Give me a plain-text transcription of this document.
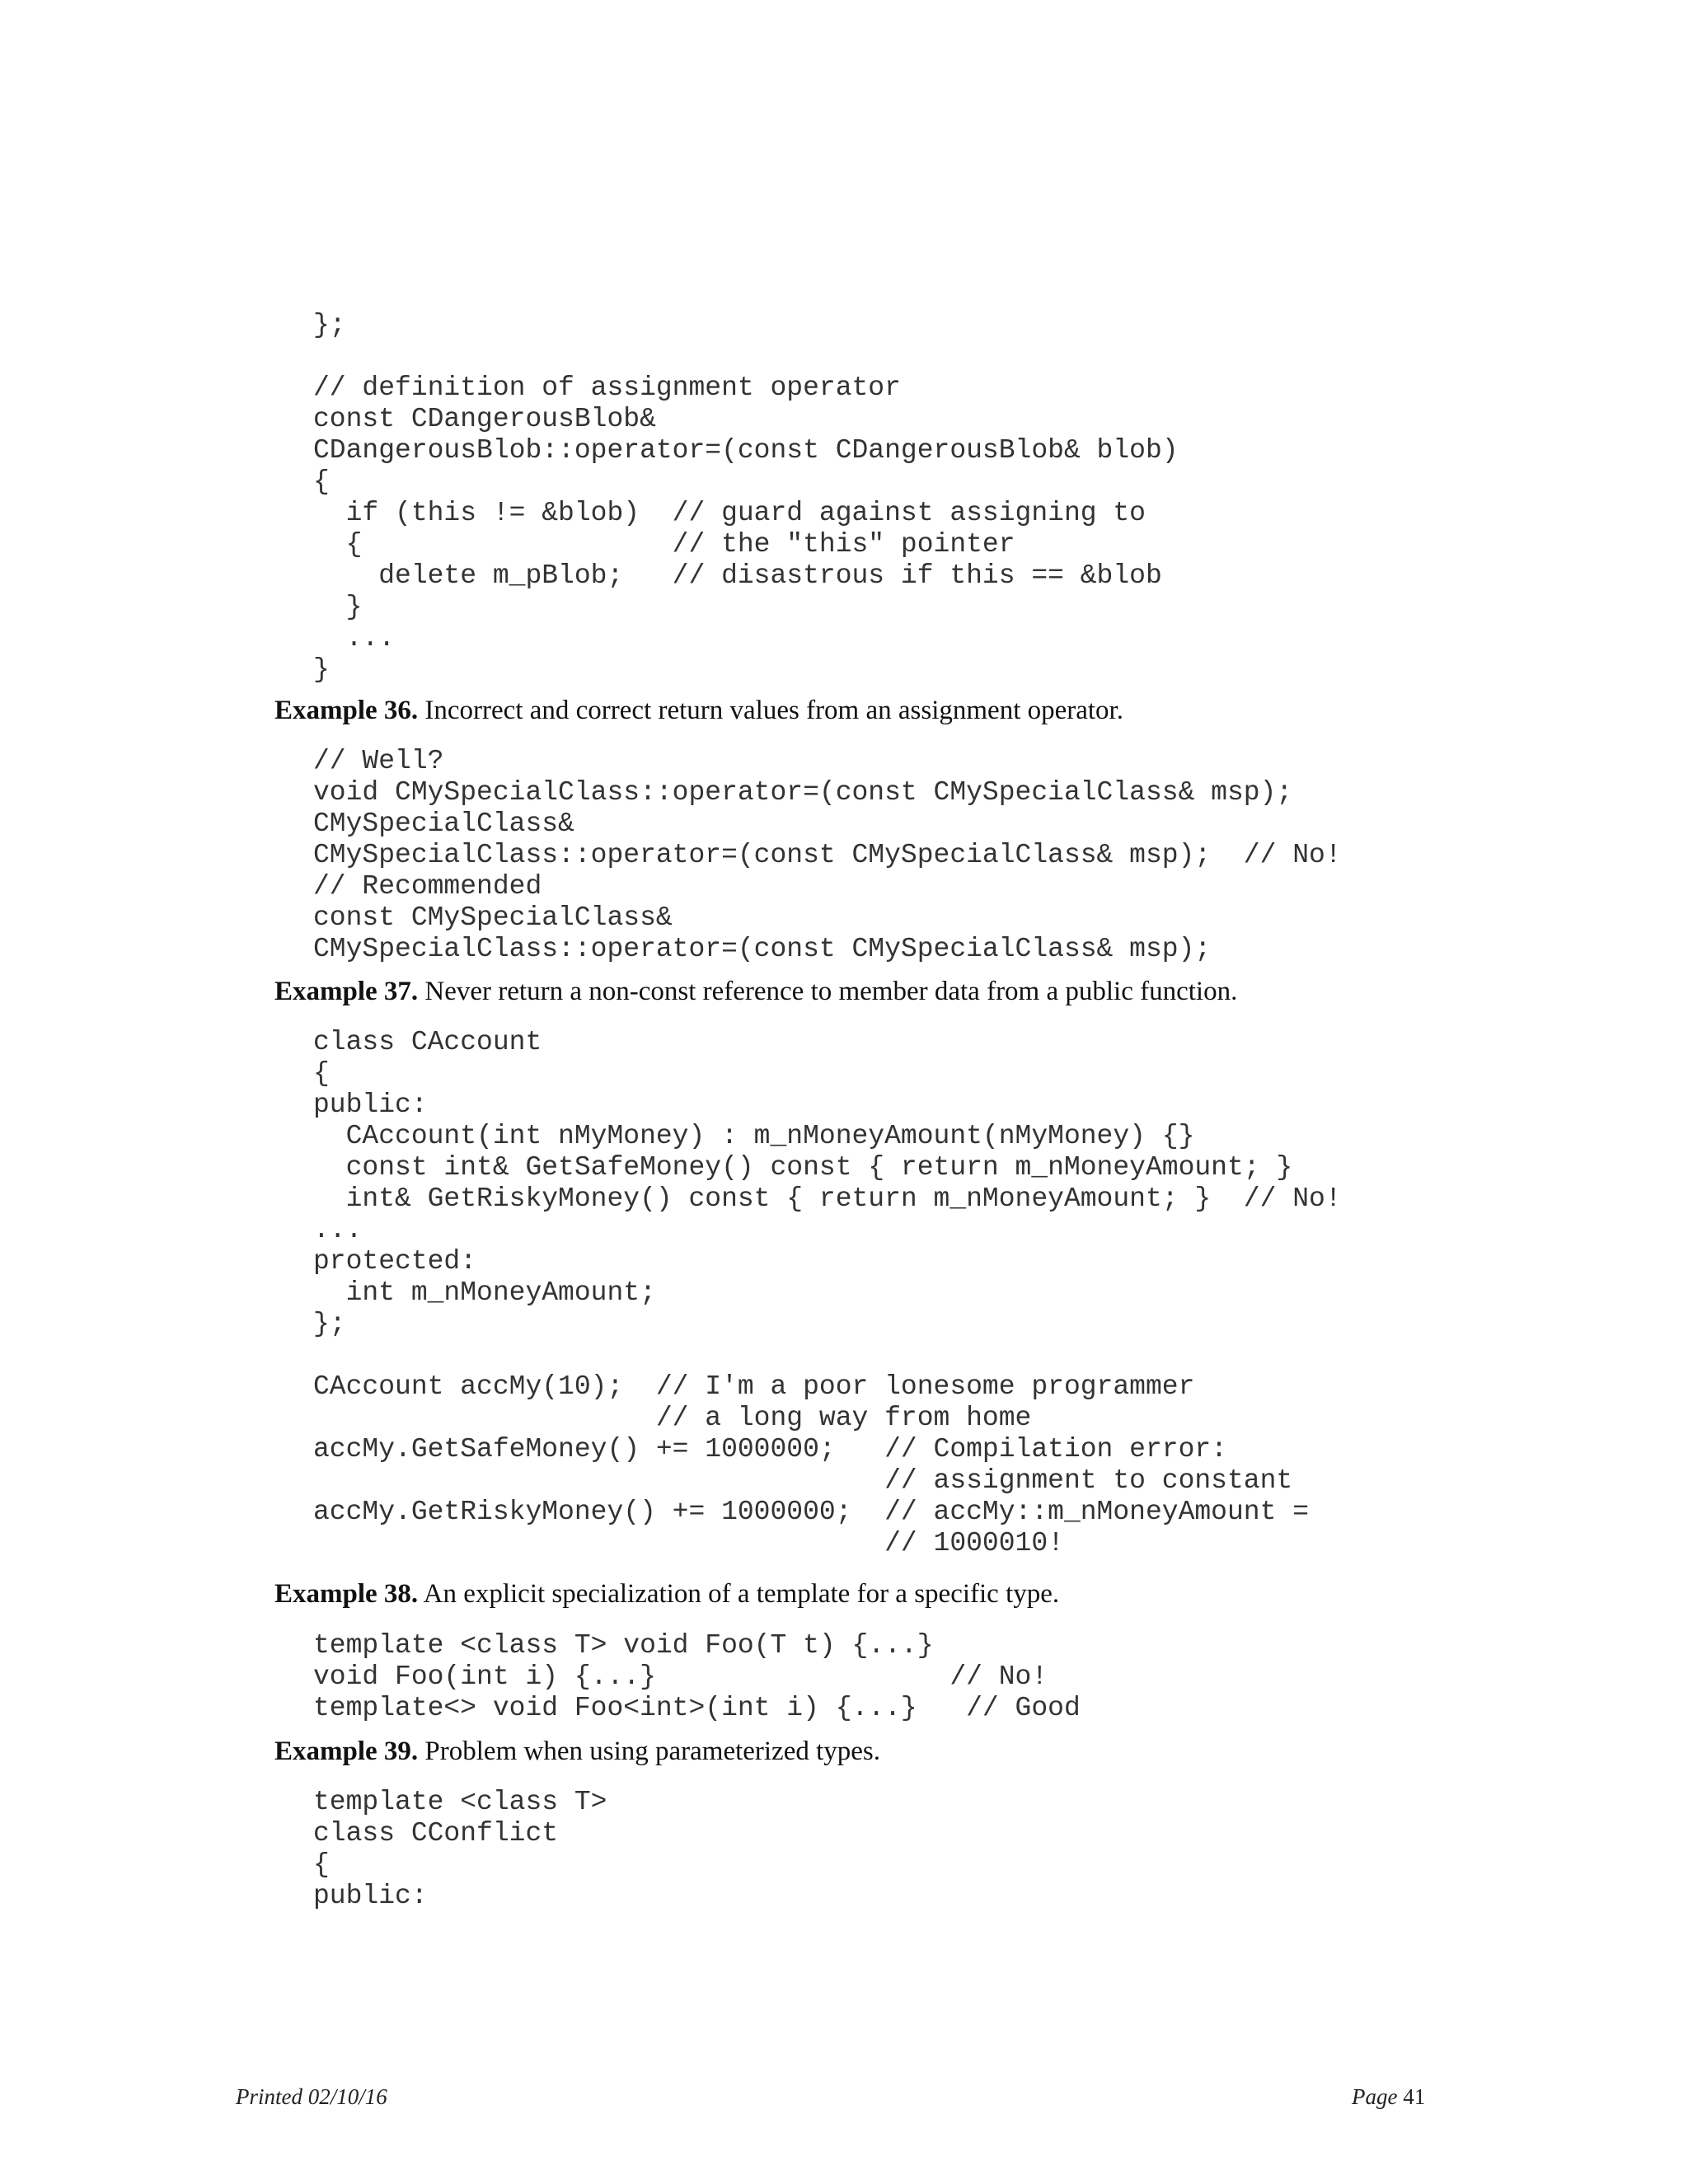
};

// definition of assignment operator
const CDangerousBlob&
CDangerousBlob::operator=(const CDangerousBlob& blob)
{
if (this != &blob)  // guard against assigning to
{                   // the "this" pointer
delete m_pBlob;   // disastrous if this == &blob
}
...
}

Example 36. Incorrect and correct return values from an assignment operator.

// Well?
void CMySpecialClass::operator=(const CMySpecialClass& msp);
CMySpecialClass&
CMySpecialClass::operator=(const CMySpecialClass& msp);  // No!
// Recommended
const CMySpecialClass&
CMySpecialClass::operator=(const CMySpecialClass& msp);

Example 37. Never return a non-const reference to member data from a public function.

class CAccount
{
public:
CAccount(int nMyMoney) : m_nMoneyAmount(nMyMoney) {}
const int& GetSafeMoney() const { return m_nMoneyAmount; }
int& GetRiskyMoney() const { return m_nMoneyAmount; }  // No!
...
protected:
int m_nMoneyAmount;
};

CAccount accMy(10);  // I'm a poor lonesome programmer
// a long way from home
accMy.GetSafeMoney() += 1000000;   // Compilation error:
// assignment to constant
accMy.GetRiskyMoney() += 1000000;  // accMy::m_nMoneyAmount =
// 1000010!

Example 38. An explicit specialization of a template for a specific type.

template <class T> void Foo(T t) {...}
void Foo(int i) {...}                  // No!
template<> void Foo<int>(int i) {...}   // Good

Example 39. Problem when using parameterized types.

template <class T>
class CConflict
{
public:
Printed 02/10/16	Page 41
